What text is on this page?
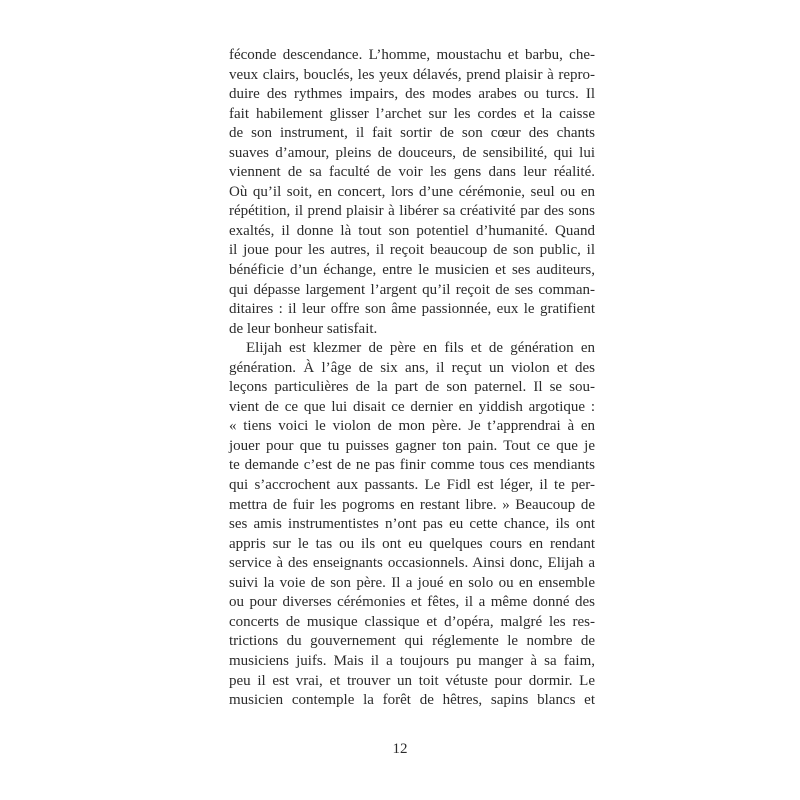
féconde descendance. L’homme, moustachu et barbu, che-
veux clairs, bouclés, les yeux délavés, prend plaisir à repro-
duire des rythmes impairs, des modes arabes ou turcs. Il
fait habilement glisser l’archet sur les cordes et la caisse
de son instrument, il fait sortir de son cœur des chants
suaves d’amour, pleins de douceurs, de sensibilité, qui lui
viennent de sa faculté de voir les gens dans leur réalité.
Où qu’il soit, en concert, lors d’une cérémonie, seul ou en
répétition, il prend plaisir à libérer sa créativité par des sons
exaltés, il donne là tout son potentiel d’humanité. Quand
il joue pour les autres, il reçoit beaucoup de son public, il
bénéficie d’un échange, entre le musicien et ses auditeurs,
qui dépasse largement l’argent qu’il reçoit de ses comman-
ditaires : il leur offre son âme passionnée, eux le gratifient
de leur bonheur satisfait.
Elijah est klezmer de père en fils et de génération en
génération. À l’âge de six ans, il reçut un violon et des
leçons particulières de la part de son paternel. Il se sou-
vient de ce que lui disait ce dernier en yiddish argotique :
« tiens voici le violon de mon père. Je t’apprendrai à en
jouer pour que tu puisses gagner ton pain. Tout ce que je
te demande c’est de ne pas finir comme tous ces mendiants
qui s’accrochent aux passants. Le Fidl est léger, il te per-
mettra de fuir les pogroms en restant libre. » Beaucoup de
ses amis instrumentistes n’ont pas eu cette chance, ils ont
appris sur le tas ou ils ont eu quelques cours en rendant
service à des enseignants occasionnels. Ainsi donc, Elijah a
suivi la voie de son père. Il a joué en solo ou en ensemble
ou pour diverses cérémonies et fêtes, il a même donné des
concerts de musique classique et d’opéra, malgré les res-
trictions du gouvernement qui réglemente le nombre de
musiciens juifs. Mais il a toujours pu manger à sa faim,
peu il est vrai, et trouver un toit vétuste pour dormir. Le
musicien contemple la forêt de hêtres, sapins blancs et
12
